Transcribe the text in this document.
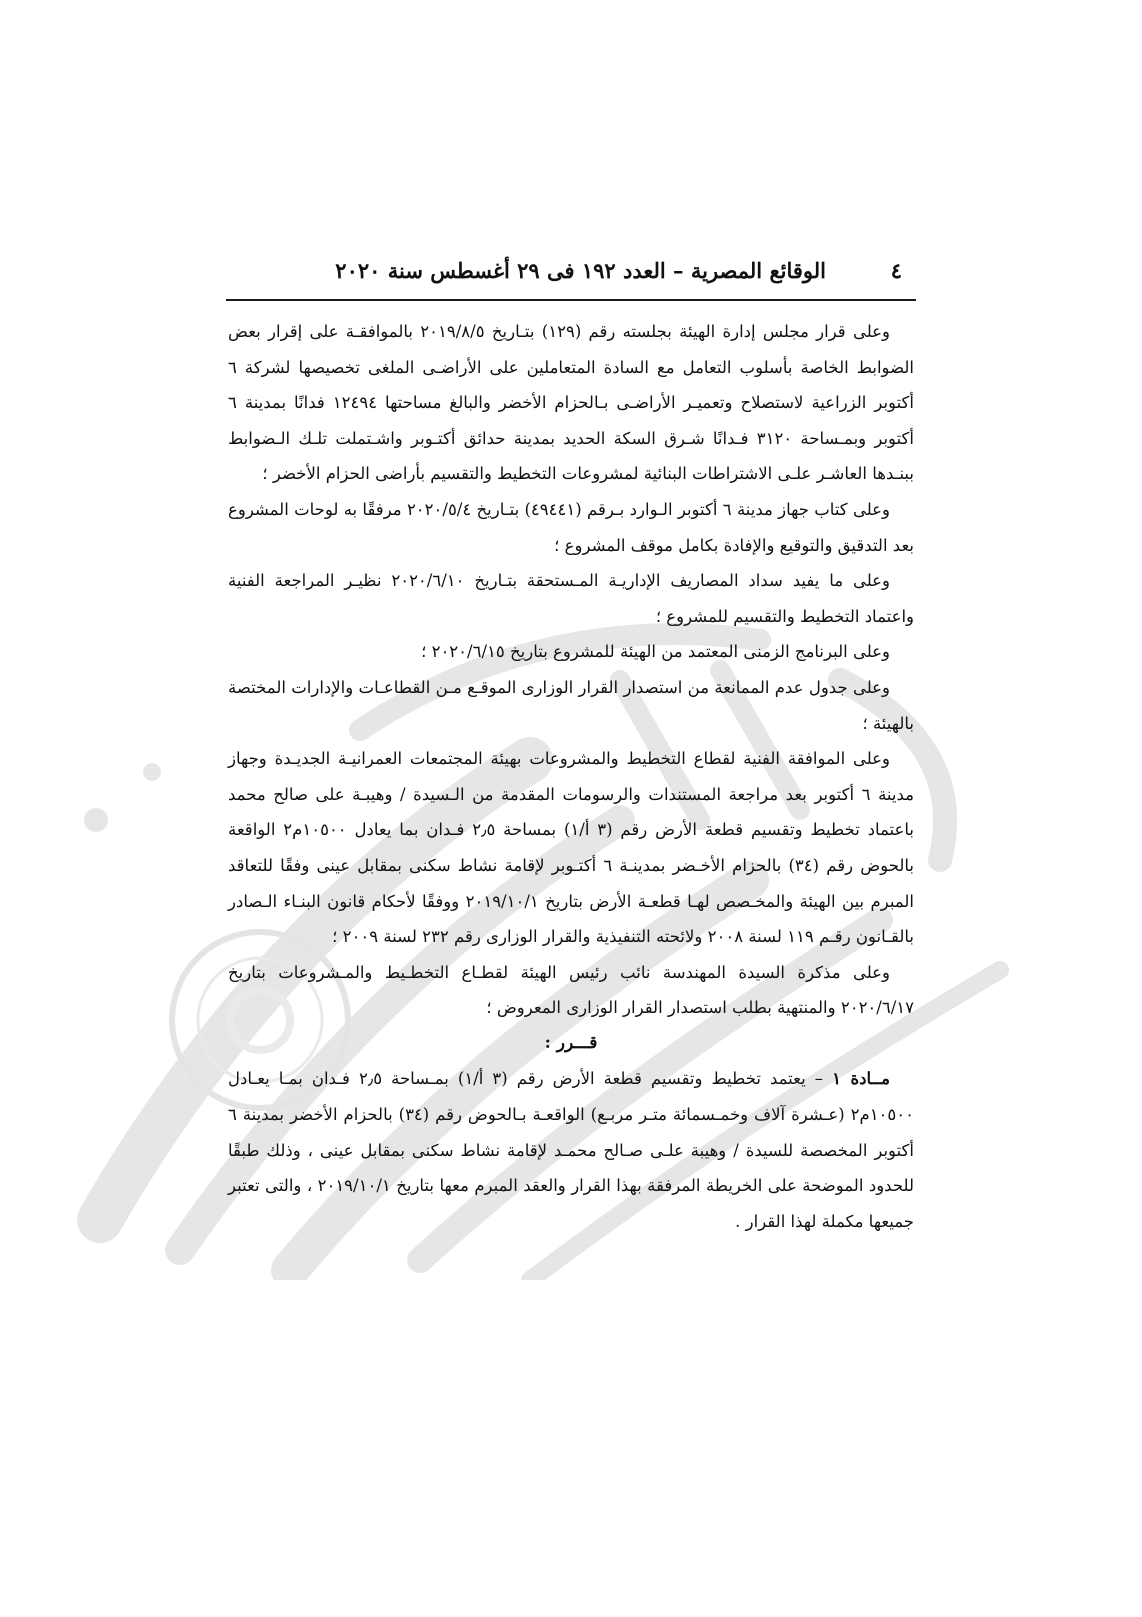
الوقائع المصرية – العدد ١٩٢ فى ٢٩ أغسطس سنة ٢٠٢٠	٤

وعلى قرار مجلس إدارة الهيئة بجلسته رقم (١٢٩) بتـاريخ ٢٠١٩/٨/٥ بالموافقـة على إقرار بعض الضوابط الخاصة بأسلوب التعامل مع السادة المتعاملين على الأراضـى الملغى تخصيصها لشركة ٦ أكتوبر الزراعية لاستصلاح وتعميـر الأراضـى بـالحزام الأخضر والبالغ مساحتها ١٢٤٩٤ فدانًا بمدينة ٦ أكتوبر وبمـساحة ٣١٢٠ فـدانًا شـرق السكة الحديد بمدينة حدائق أكتـوبر واشـتملت تلـك الـضوابط ببنـدها العاشـر علـى الاشتراطات البنائية لمشروعات التخطيط والتقسيم بأراضى الحزام الأخضر ؛

وعلى كتاب جهاز مدينة ٦ أكتوبر الـوارد بـرقم (٤٩٤٤١) بتـاريخ ٢٠٢٠/٥/٤ مرفقًا به لوحات المشروع بعد التدقيق والتوقيع والإفادة بكامل موقف المشروع ؛

وعلى ما يفيد سداد المصاريف الإداريـة المـستحقة بتـاريخ ٢٠٢٠/٦/١٠ نظيـر المراجعة الفنية واعتماد التخطيط والتقسيم للمشروع ؛

وعلى البرنامج الزمنى المعتمد من الهيئة للمشروع بتاريخ ٢٠٢٠/٦/١٥ ؛

وعلى جدول عدم الممانعة من استصدار القرار الوزارى الموقـع مـن القطاعـات والإدارات المختصة بالهيئة ؛

وعلى الموافقة الفنية لقطاع التخطيط والمشروعات بهيئة المجتمعات العمرانيـة الجديـدة وجهاز مدينة ٦ أكتوبر بعد مراجعة المستندات والرسومات المقدمة من الـسيدة / وهيبـة على صالح محمد باعتماد تخطيط وتقسيم قطعة الأرض رقم (٣ أ/١) بمساحة ٢٫٥ فـدان بما يعادل ١٠٥٠٠م٢ الواقعة بالحوض رقم (٣٤) بالحزام الأخـضر بمدينـة ٦ أكتـوبر لإقامة نشاط سكنى بمقابل عينى وفقًا للتعاقد المبرم بين الهيئة والمخـصص لهـا قطعـة الأرض بتاريخ ٢٠١٩/١٠/١ ووفقًا لأحكام قانون البنـاء الـصادر بالقـانون رقـم ١١٩ لسنة ٢٠٠٨ ولائحته التنفيذية والقرار الوزارى رقم ٢٣٢ لسنة ٢٠٠٩ ؛

وعلى مذكرة السيدة المهندسة نائب رئيس الهيئة لقطـاع التخطـيط والمـشروعات بتاريخ ٢٠٢٠/٦/١٧ والمنتهية بطلب استصدار القرار الوزارى المعروض ؛

قـــرر :

مــادة ١ – يعتمد تخطيط وتقسيم قطعة الأرض رقم (٣ أ/١) بمـساحة ٢٫٥ فـدان بمـا يعـادل ١٠٥٠٠م٢ (عـشرة آلاف وخمـسمائة متـر مربـع) الواقعـة بـالحوض رقم (٣٤) بالحزام الأخضر بمدينة ٦ أكتوبر المخصصة للسيدة / وهيبة علـى صـالح محمـد لإقامة نشاط سكنى بمقابل عينى ، وذلك طبقًا للحدود الموضحة على الخريطة المرفقة بهذا القرار والعقد المبرم معها بتاريخ ٢٠١٩/١٠/١ ، والتى تعتبر جميعها مكملة لهذا القرار .
